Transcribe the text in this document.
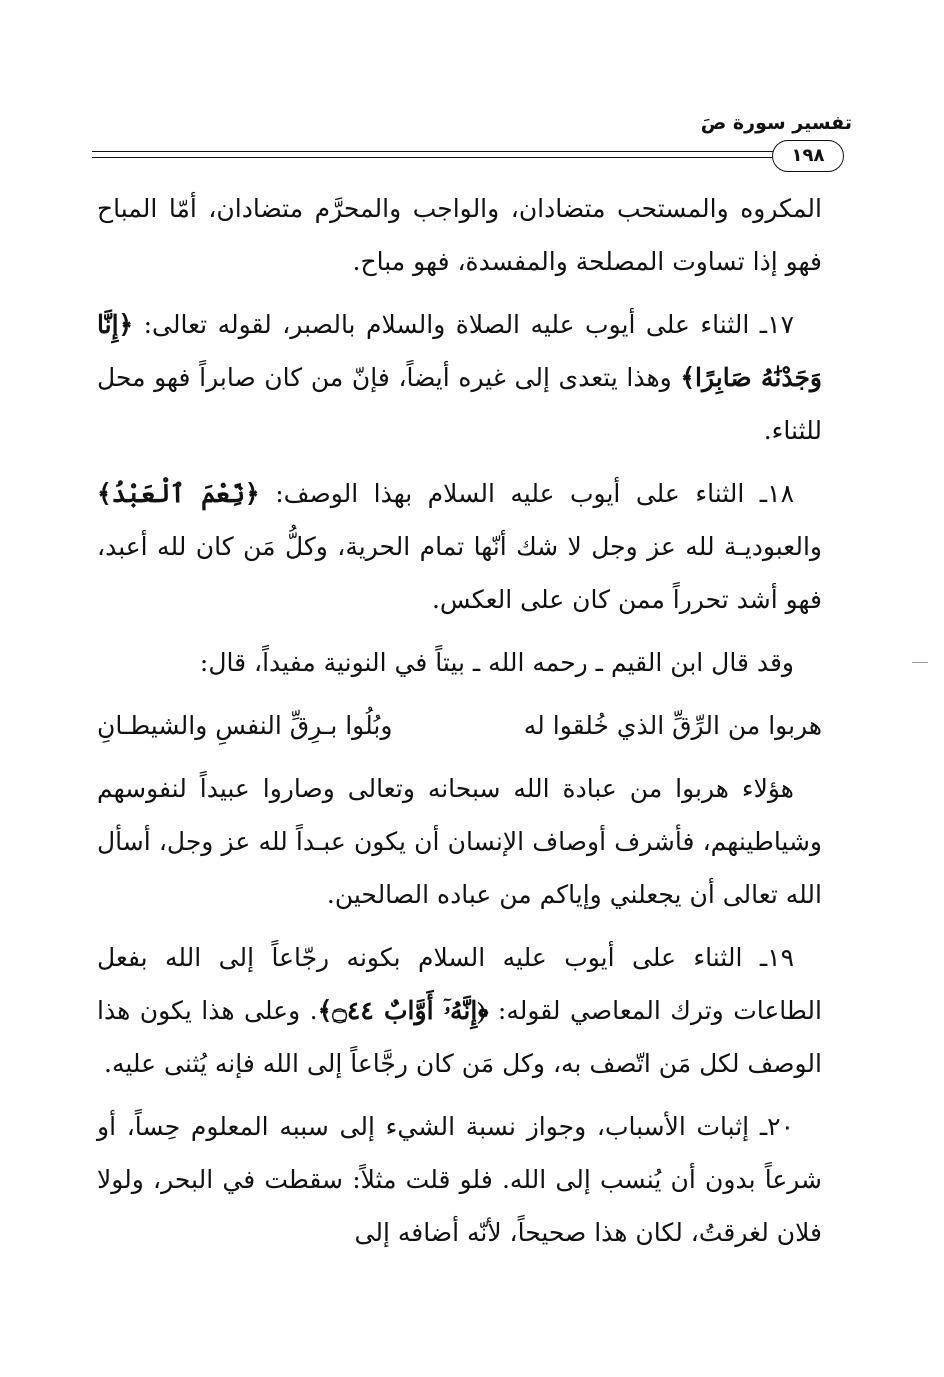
تفسير سورة صَ
١٩٨

المكروه والمستحب متضادان، والواجب والمحرَّم متضادان، أمّا المباح فهو إذا تساوت المصلحة والمفسدة، فهو مباح.

١٧ـ الثناء على أيوب عليه الصلاة والسلام بالصبر، لقوله تعالى: ﴿إِنَّا وَجَدْنَٰهُ صَابِرًا﴾ وهذا يتعدى إلى غيره أيضاً، فإنّ من كان صابراً فهو محل للثناء.

١٨ـ الثناء على أيوب عليه السلام بهذا الوصف: ﴿نِّعْمَ ٱلْعَبْدُ﴾ والعبوديـة لله عز وجل لا شك أنّها تمام الحرية، وكلُّ مَن كان لله أعبد، فهو أشد تحرراً ممن كان على العكس.

وقد قال ابن القيم ـ رحمه الله ـ بيتاً في النونية مفيداً، قال:

هربوا من الرِّقِّ الذي خُلقوا له
وبُلُوا بـرِقِّ النفسِ والشيطـانِ

هؤلاء هربوا من عبادة الله سبحانه وتعالى وصاروا عبيداً لنفوسهم وشياطينهم، فأشرف أوصاف الإنسان أن يكون عبـداً لله عز وجل، أسأل الله تعالى أن يجعلني وإياكم من عباده الصالحين.

١٩ـ الثناء على أيوب عليه السلام بكونه رجّاعاً إلى الله بفعل الطاعات وترك المعاصي لقوله: ﴿إِنَّهُۥٓ أَوَّابٌ ۝٤٤﴾. وعلى هذا يكون هذا الوصف لكل مَن اتّصف به، وكل مَن كان رجَّاعاً إلى الله فإنه يُثنى عليه.

٢٠ـ إثبات الأسباب، وجواز نسبة الشيء إلى سببه المعلوم حِساً، أو شرعاً بدون أن يُنسب إلى الله. فلو قلت مثلاً: سقطت في البحر، ولولا فلان لغرقتُ، لكان هذا صحيحاً، لأنّه أضافه إلى
